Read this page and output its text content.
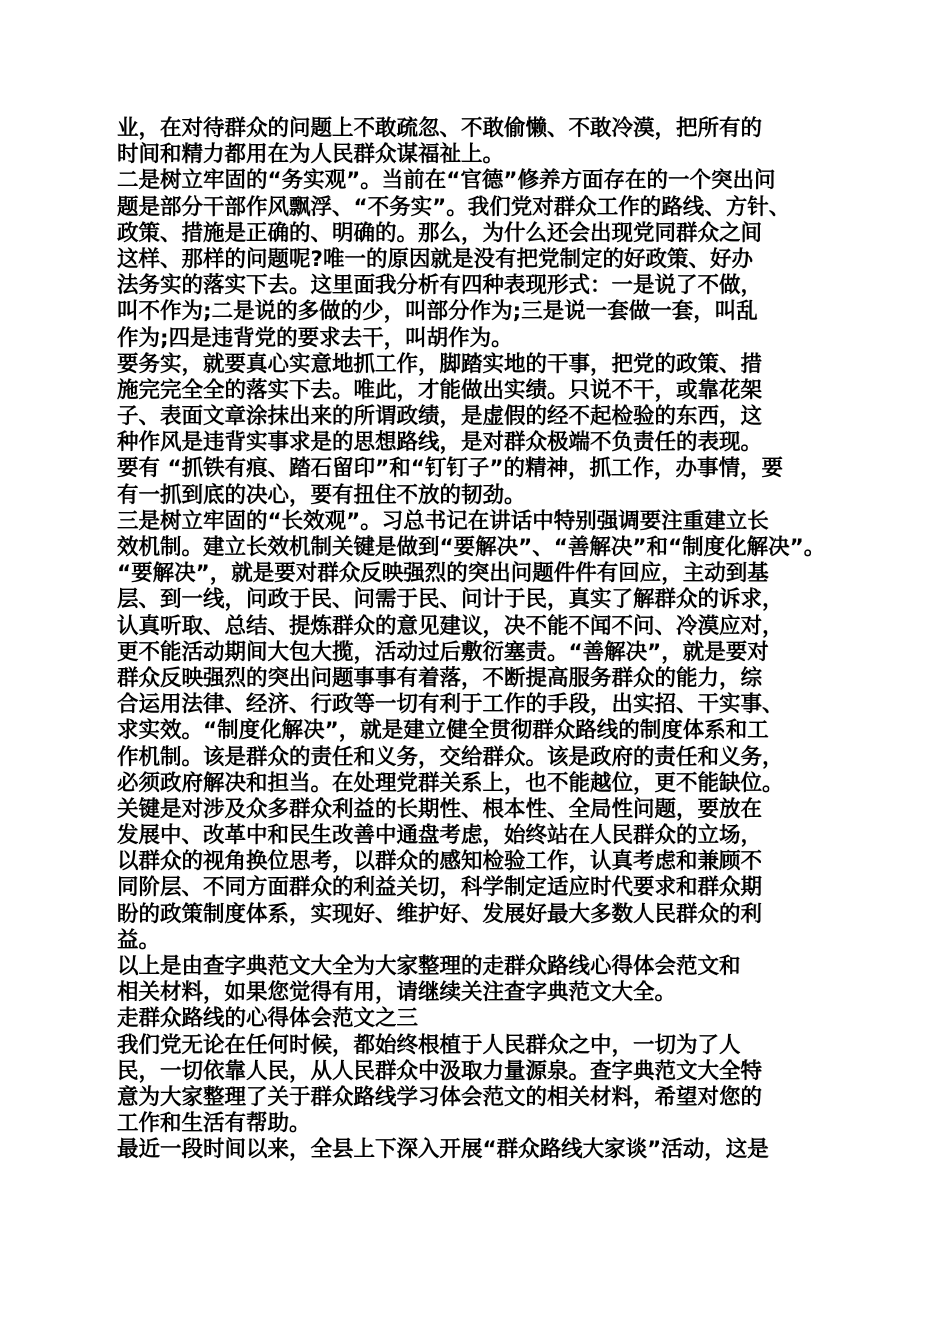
业，在对待群众的问题上不敢疏忽、不敢偷懒、不敢冷漠，把所有的
时间和精力都用在为人民群众谋福祉上。
二是树立牢固的“务实观”。当前在“官德”修养方面存在的一个突出问
题是部分干部作风飘浮、“不务实”。我们党对群众工作的路线、方针、
政策、措施是正确的、明确的。那么，为什么还会出现党同群众之间
这样、那样的问题呢?唯一的原因就是没有把党制定的好政策、好办
法务实的落实下去。这里面我分析有四种表现形式：一是说了不做，
叫不作为;二是说的多做的少，叫部分作为;三是说一套做一套，叫乱
作为;四是违背党的要求去干，叫胡作为。
要务实，就要真心实意地抓工作，脚踏实地的干事，把党的政策、措
施完完全全的落实下去。唯此，才能做出实绩。只说不干，或靠花架
子、表面文章涂抹出来的所谓政绩，是虚假的经不起检验的东西，这
种作风是违背实事求是的思想路线，是对群众极端不负责任的表现。
要有 “抓铁有痕、踏石留印”和“钉钉子”的精神，抓工作，办事情，要
有一抓到底的决心，要有扭住不放的韧劲。
三是树立牢固的“长效观”。习总书记在讲话中特别强调要注重建立长
效机制。建立长效机制关键是做到“要解决”、“善解决”和“制度化解决”。
“要解决”，就是要对群众反映强烈的突出问题件件有回应，主动到基
层、到一线，问政于民、问需于民、问计于民，真实了解群众的诉求，
认真听取、总结、提炼群众的意见建议，决不能不闻不问、冷漠应对，
更不能活动期间大包大揽，活动过后敷衍塞责。“善解决”，就是要对
群众反映强烈的突出问题事事有着落，不断提高服务群众的能力，综
合运用法律、经济、行政等一切有利于工作的手段，出实招、干实事、
求实效。“制度化解决”，就是建立健全贯彻群众路线的制度体系和工
作机制。该是群众的责任和义务，交给群众。该是政府的责任和义务，
必须政府解决和担当。在处理党群关系上，也不能越位，更不能缺位。
关键是对涉及众多群众利益的长期性、根本性、全局性问题，要放在
发展中、改革中和民生改善中通盘考虑，始终站在人民群众的立场，
以群众的视角换位思考，以群众的感知检验工作，认真考虑和兼顾不
同阶层、不同方面群众的利益关切，科学制定适应时代要求和群众期
盼的政策制度体系，实现好、维护好、发展好最大多数人民群众的利
益。
以上是由查字典范文大全为大家整理的走群众路线心得体会范文和
相关材料，如果您觉得有用，请继续关注查字典范文大全。
走群众路线的心得体会范文之三
我们党无论在任何时候，都始终根植于人民群众之中，一切为了人
民，一切依靠人民，从人民群众中汲取力量源泉。查字典范文大全特
意为大家整理了关于群众路线学习体会范文的相关材料，希望对您的
工作和生活有帮助。
最近一段时间以来，全县上下深入开展“群众路线大家谈”活动，这是
